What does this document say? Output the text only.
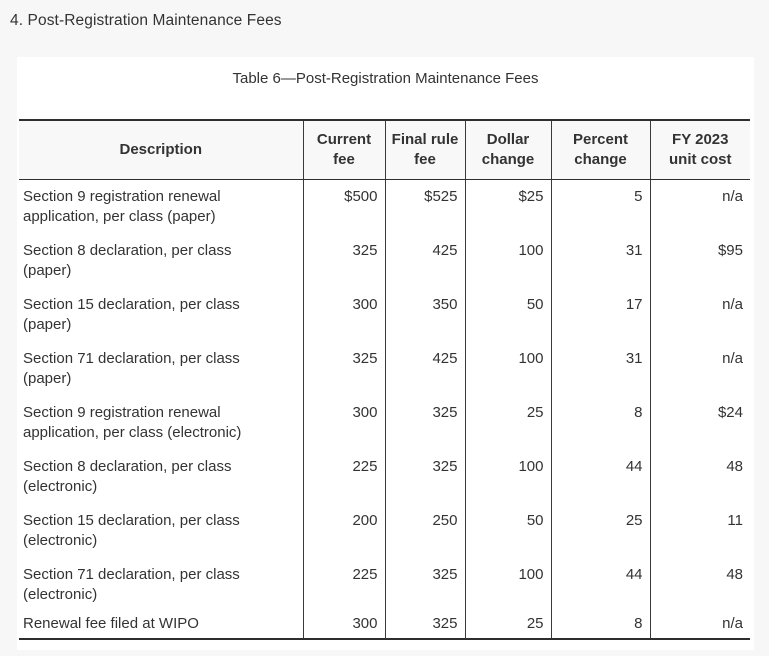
4. Post-Registration Maintenance Fees
Table 6—Post-Registration Maintenance Fees
Description	Current fee	Final rule fee	Dollar change	Percent change	FY 2023 unit cost
Section 9 registration renewal application, per class (paper)	$500	$525	$25	5	n/a
Section 8 declaration, per class (paper)	325	425	100	31	$95
Section 15 declaration, per class (paper)	300	350	50	17	n/a
Section 71 declaration, per class (paper)	325	425	100	31	n/a
Section 9 registration renewal application, per class (electronic)	300	325	25	8	$24
Section 8 declaration, per class (electronic)	225	325	100	44	48
Section 15 declaration, per class (electronic)	200	250	50	25	11
Section 71 declaration, per class (electronic)	225	325	100	44	48
Renewal fee filed at WIPO	300	325	25	8	n/a
